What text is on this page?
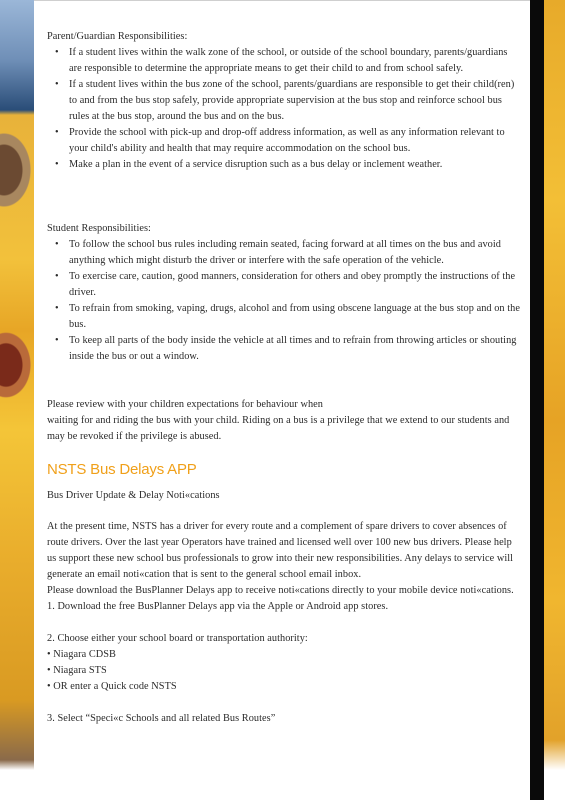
Parent/Guardian Responsibilities:
• If a student lives within the walk zone of the school, or outside of the school boundary, parents/guardians are responsible to determine the appropriate means to get their child to and from school safely.
• If a student lives within the bus zone of the school, parents/guardians are responsible to get their child(ren) to and from the bus stop safely, provide appropriate supervision at the bus stop and reinforce school bus rules at the bus stop, around the bus and on the bus.
• Provide the school with pick-up and drop-off address information, as well as any information relevant to your child's ability and health that may require accommodation on the school bus.
• Make a plan in the event of a service disruption such as a bus delay or inclement weather.
Student Responsibilities:
• To follow the school bus rules including remain seated, facing forward at all times on the bus and avoid anything which might disturb the driver or interfere with the safe operation of the vehicle.
• To exercise care, caution, good manners, consideration for others and obey promptly the instructions of the driver.
• To refrain from smoking, vaping, drugs, alcohol and from using obscene language at the bus stop and on the bus.
• To keep all parts of the body inside the vehicle at all times and to refrain from throwing articles or shouting inside the bus or out a window.
Please review with your children expectations for behaviour when
waiting for and riding the bus with your child. Riding on a bus is a privilege that we extend to our students and may be revoked if the privilege is abused.
NSTS Bus Delays APP
Bus Driver Update & Delay Noti«cations

At the present time, NSTS has a driver for every route and a complement of spare drivers to cover absences of route drivers. Over the last year Operators have trained and licensed well over 100 new bus drivers. Please help us support these new school bus professionals to grow into their new responsibilities. Any delays to service will generate an email noti«cation that is sent to the general school email inbox.

Please download the BusPlanner Delays app to receive noti«cations directly to your mobile device noti«cations. 1. Download the free BusPlanner Delays app via the Apple or Android app stores.

2. Choose either your school board or transportation authority:

• Niagara CDSB
• Niagara STS
• OR enter a Quick code NSTS

3. Select “Speci«c Schools and all related Bus Routes”
